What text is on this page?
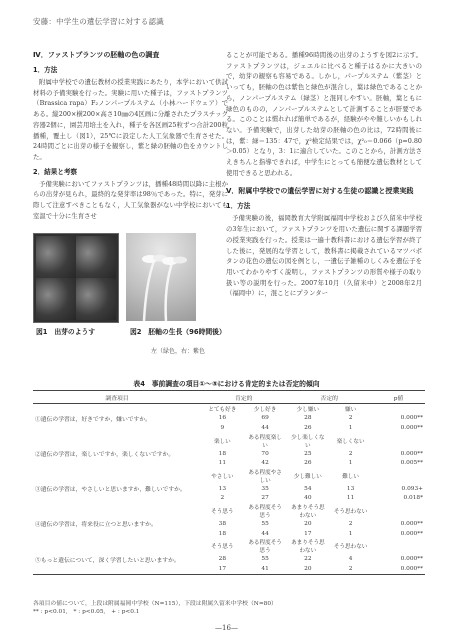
安藤：中学生の遺伝学習に対する認識
Ⅳ．ファストプランツの胚軸の色の調査
1．方法

附属中学校での遺伝教材の授業実践にあたり，本学において供試材料の予備実験を行った。実験に用いた種子は，ファストプランツ（Brassica rapa）F₂ノンパープルステム（小林ハードウェア）である。縦200×横200×高さ10㎜の4区画に分離されたプラスチック容器2個に，園芸用培土を入れ，種子を各区画25粒ずつ合計200粒播種，覆土し（図1），25℃に設定した人工気象器で生育させた。24時間ごとに出芽の様子を観察し，紫と緑の胚軸の色をカウントした。

2．結果と考察

予備実験においてファストプランツは，播種48時間以降に主根からの出芽が見られ，最終的な発芽率は98％であった。特に，発芽に際して注意すべきこともなく，人工気象器がない中学校においても室温で十分に生育させ

図1　出芽のようす	図2　胚軸の生長（96時間後）
左（緑色，右：紫色

ることが可能である。播種96時間後の出芽のようすを図2に示す。ファストプランツは，ジェエルに比べると種子はるかに大きいので，幼芽の観察も容易である。しかし，パープルステム（紫茎）といっても，胚軸の色は紫色と緑色が混合し，葉は緑色であることから，ノンパープルステム（緑茎）と混同しやすい。胚軸，葉ともに緑色のものの，ノンパープルステムとして計測することが肝要である。このことは慣れれば簡単であるが，経験がやや難しいかもしれない。予備実験で，出芽した幼芽の胚軸の色の比は，72時間後には，紫：緑＝135：47で，χ²検定結果では，χ²₀＝0.066（p=0.80＞0.05）となり，3：1に適合していた。このことから，計測方法さえきちんと指導できれば，中学生にとっても簡便な遺伝教材として使用できると思われる。

Ⅴ．附属中学校での遺伝学習に対する生徒の認識と授業実践
1．方法

予備実験の後，福岡教育大学附属福岡中学校および久留米中学校の3年生において，ファストプランツを用いた遺伝に関する課題学習の授業実践を行った。授業は一遍十教科書における遺伝学習が終了した後に，発展的な学習として，教科書に掲載されているマツバボタンの花色の遺伝の図を例とし，一遺伝子雑種のしくみを遺伝子を用いてわかりやすく説明し，ファストプランツの形質や様子の取り扱い等の説明を行った。2007年10月（久留米中）と2008年2月（福岡中）に，混ことにプランター

表4　事前調査の項目①～⑤における肯定的または否定的傾向
調査項目	肯定的		否定的		p値
	とても好き	少し好き	少し嫌い	嫌い	
①遺伝の学習は，好きですか，嫌いですか。	16	69	28	2	0.000**
	9	44	26	1	0.000**
	楽しい	ある程度楽しい	少し楽しくない	楽しくない	
②遺伝の学習は，楽しいですか，楽しくないですか。	18	70	25	2	0.000**
	11	42	26	1	0.005**
	やさしい	ある程度やさしい	少し難しい	難しい	
③遺伝の学習は，やさしいと思いますか，難しいですか。	13	35	54	13	0.093+
	2	27	40	11	0.018*
	そう思う	ある程度そう思う	あまりそう思わない	そう思わない	
④遺伝の学習は，将来役に立つと思いますか。	38	55	20	2	0.000**
	18	44	17	1	0.000**
	そう思う	ある程度そう思う	あまりそう思わない	そう思わない	
⑤もっと遺伝について，深く学習したいと思いますか。	28	55	22	4	0.000**
	17	41	20	2	0.000**
各項目の値について，上段は附属福岡中学校（N=115），下段は附属久留米中学校（N=80）
** : p<0.01,　* : p<0.05,　+ : p<0.1
—16—
